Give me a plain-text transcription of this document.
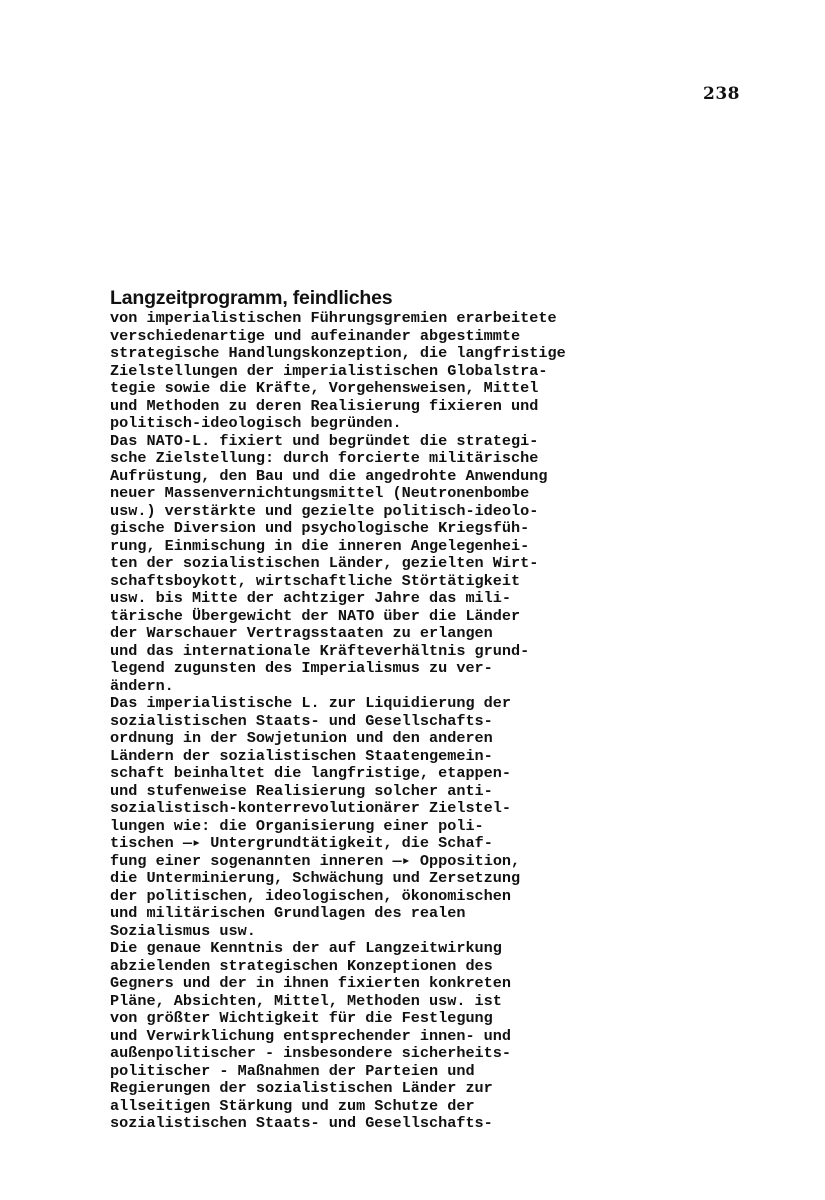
238
Langzeitprogramm, feindliches
von imperialistischen Führungsgremien erarbeitete
verschiedenartige und aufeinander abgestimmte
strategische Handlungskonzeption, die langfristige
Zielstellungen der imperialistischen Globalstra-
tegie sowie die Kräfte, Vorgehensweisen, Mittel
und Methoden zu deren Realisierung fixieren und
politisch-ideologisch begründen.
Das NATO-L. fixiert und begründet die strategi-
sche Zielstellung: durch forcierte militärische
Aufrüstung, den Bau und die angedrohte Anwendung
neuer Massenvernichtungsmittel (Neutronenbombe
usw.) verstärkte und gezielte politisch-ideolo-
gische Diversion und psychologische Kriegsfüh-
rung, Einmischung in die inneren Angelegenhei-
ten der sozialistischen Länder, gezielten Wirt-
schaftsboykott, wirtschaftliche Störtätigkeit
usw. bis Mitte der achtziger Jahre das mili-
tärische Übergewicht der NATO über die Länder
der Warschauer Vertragsstaaten zu erlangen
und das internationale Kräfteverhältnis grund-
legend zugunsten des Imperialismus zu ver-
ändern.
Das imperialistische L. zur Liquidierung der
sozialistischen Staats- und Gesellschafts-
ordnung in der Sowjetunion und den anderen
Ländern der sozialistischen Staatengemein-
schaft beinhaltet die langfristige, etappen-
und stufenweise Realisierung solcher anti-
sozialistisch-konterrevolutionärer Zielstel-
lungen wie: die Organisierung einer poli-
tischen —▸ Untergrundtätigkeit, die Schaf-
fung einer sogenannten inneren —▸ Opposition,
die Unterminierung, Schwächung und Zersetzung
der politischen, ideologischen, ökonomischen
und militärischen Grundlagen des realen
Sozialismus usw.
Die genaue Kenntnis der auf Langzeitwirkung
abzielenden strategischen Konzeptionen des
Gegners und der in ihnen fixierten konkreten
Pläne, Absichten, Mittel, Methoden usw. ist
von größter Wichtigkeit für die Festlegung
und Verwirklichung entsprechender innen- und
außenpolitischer - insbesondere sicherheits-
politischer - Maßnahmen der Parteien und
Regierungen der sozialistischen Länder zur
allseitigen Stärkung und zum Schutze der
sozialistischen Staats- und Gesellschafts-
